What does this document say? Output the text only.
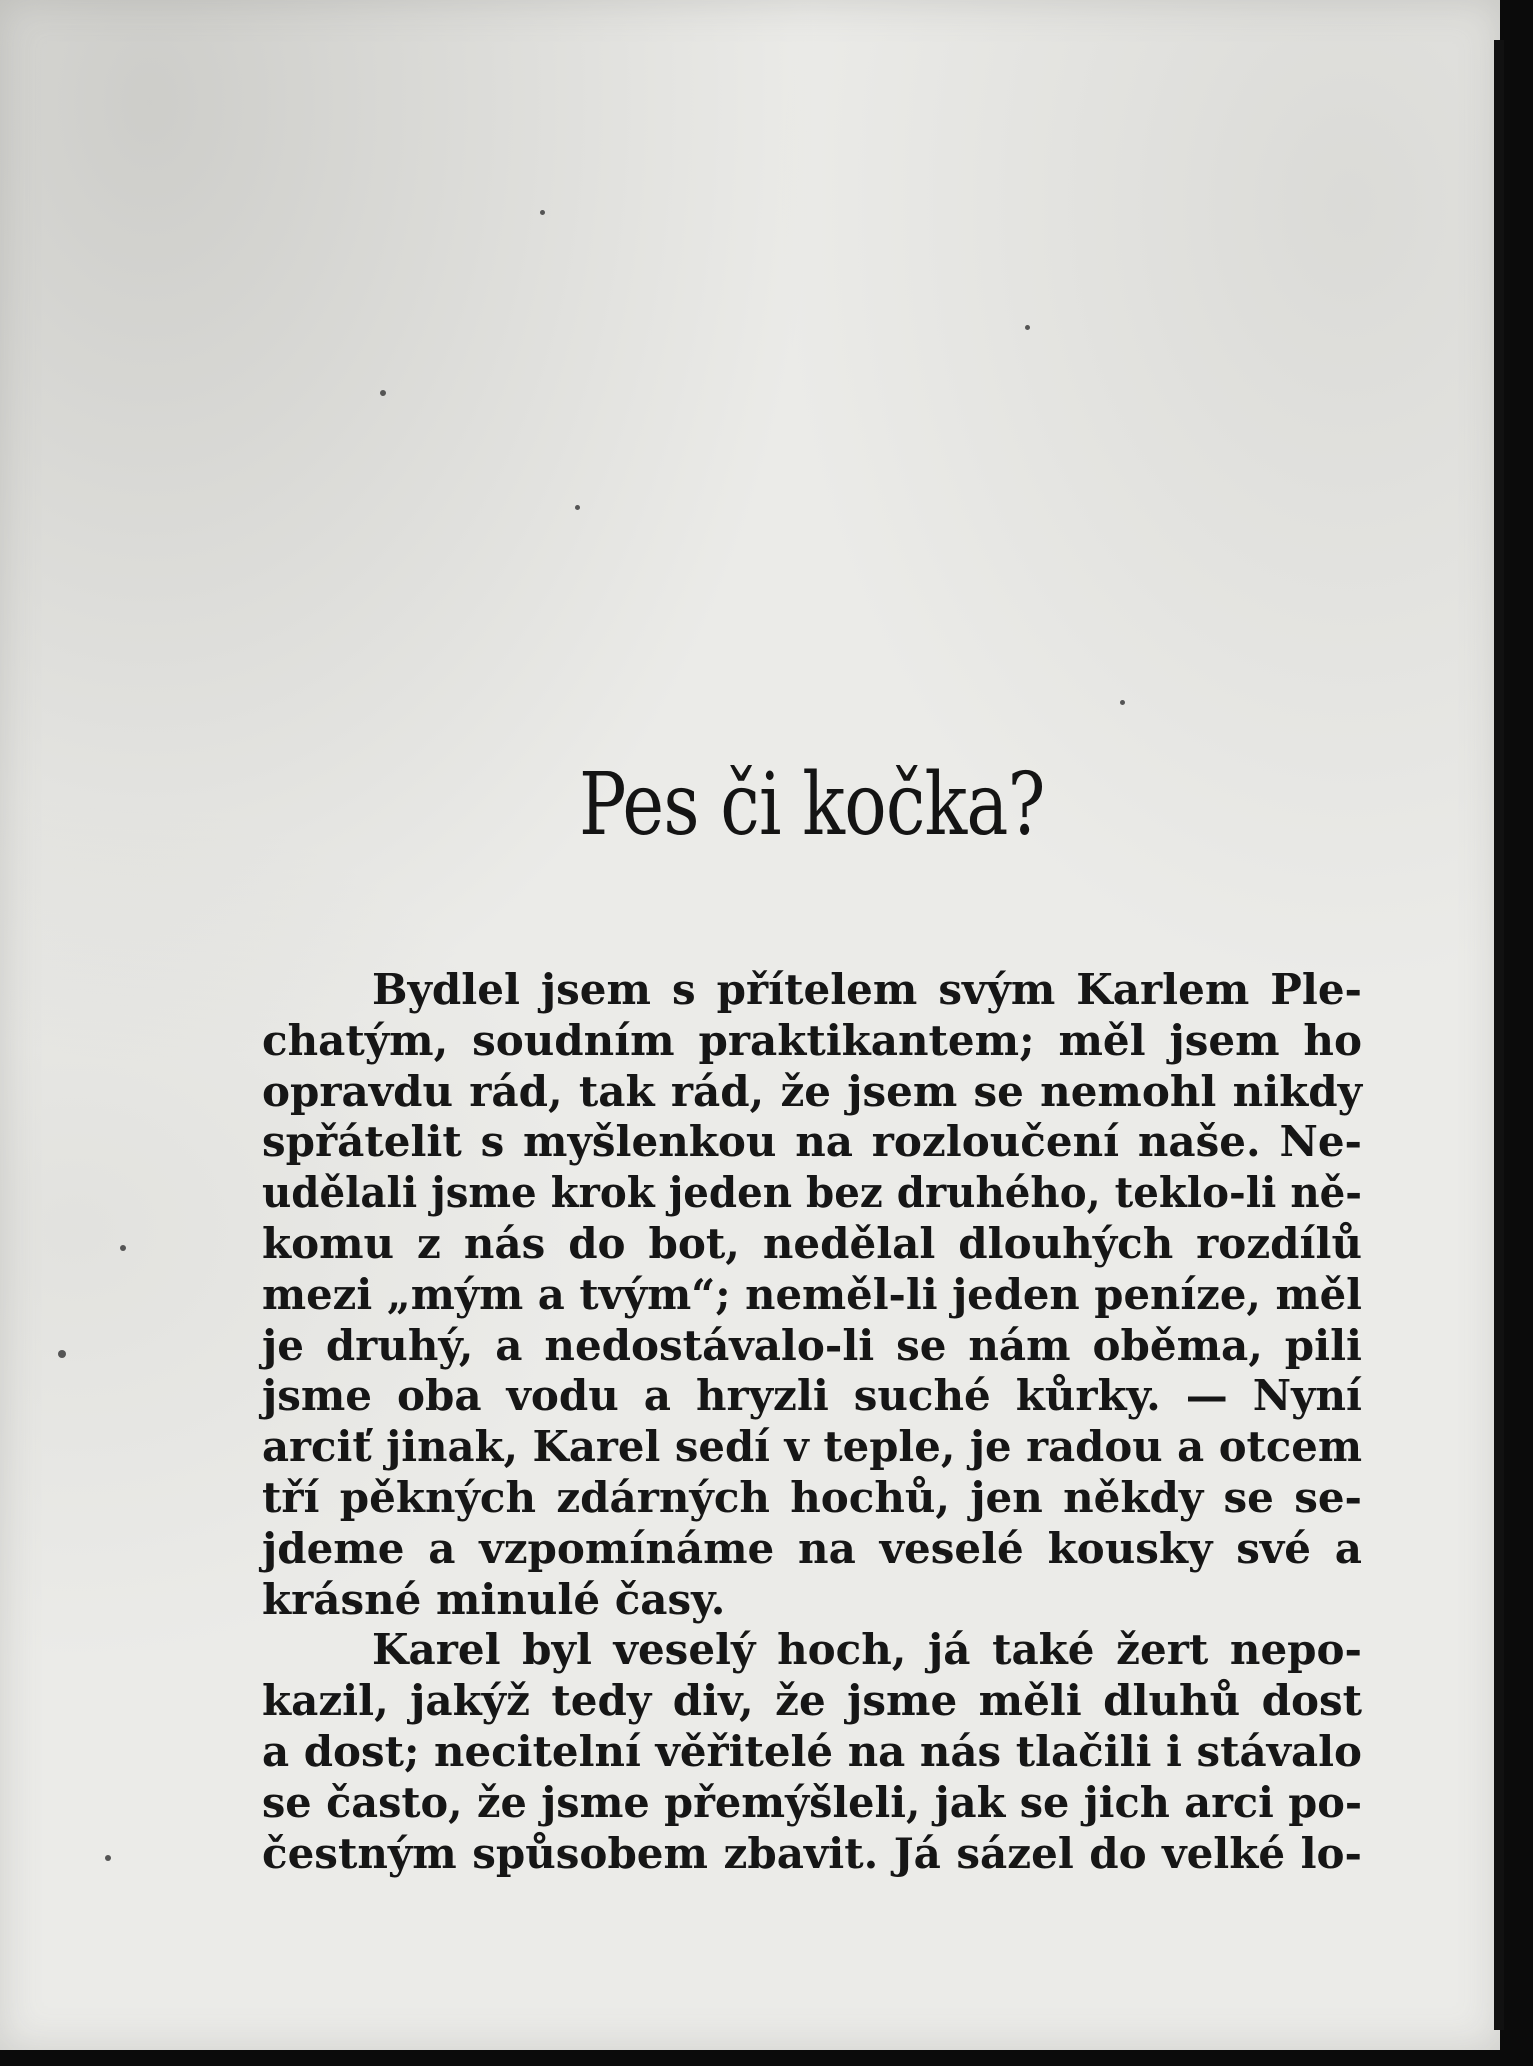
Pes či kočka?
Bydlel jsem s přítelem svým Karlem Ple-
chatým, soudním praktikantem; měl jsem ho
opravdu rád, tak rád, že jsem se nemohl nikdy
spřátelit s myšlenkou na rozloučení naše. Ne-
udělali jsme krok jeden bez druhého, teklo-li ně-
komu z nás do bot, nedělal dlouhých rozdílů
mezi „mým a tvým“; neměl-li jeden peníze, měl
je druhý, a nedostávalo-li se nám oběma, pili
jsme oba vodu a hryzli suché kůrky. — Nyní
arciť jinak, Karel sedí v teple, je radou a otcem
tří pěkných zdárných hochů, jen někdy se se-
jdeme a vzpomínáme na veselé kousky své a
krásné minulé časy.
Karel byl veselý hoch, já také žert nepo-
kazil, jakýž tedy div, že jsme měli dluhů dost
a dost; necitelní věřitelé na nás tlačili i stávalo
se často, že jsme přemýšleli, jak se jich arci po-
čestným spůsobem zbavit. Já sázel do velké lo-
